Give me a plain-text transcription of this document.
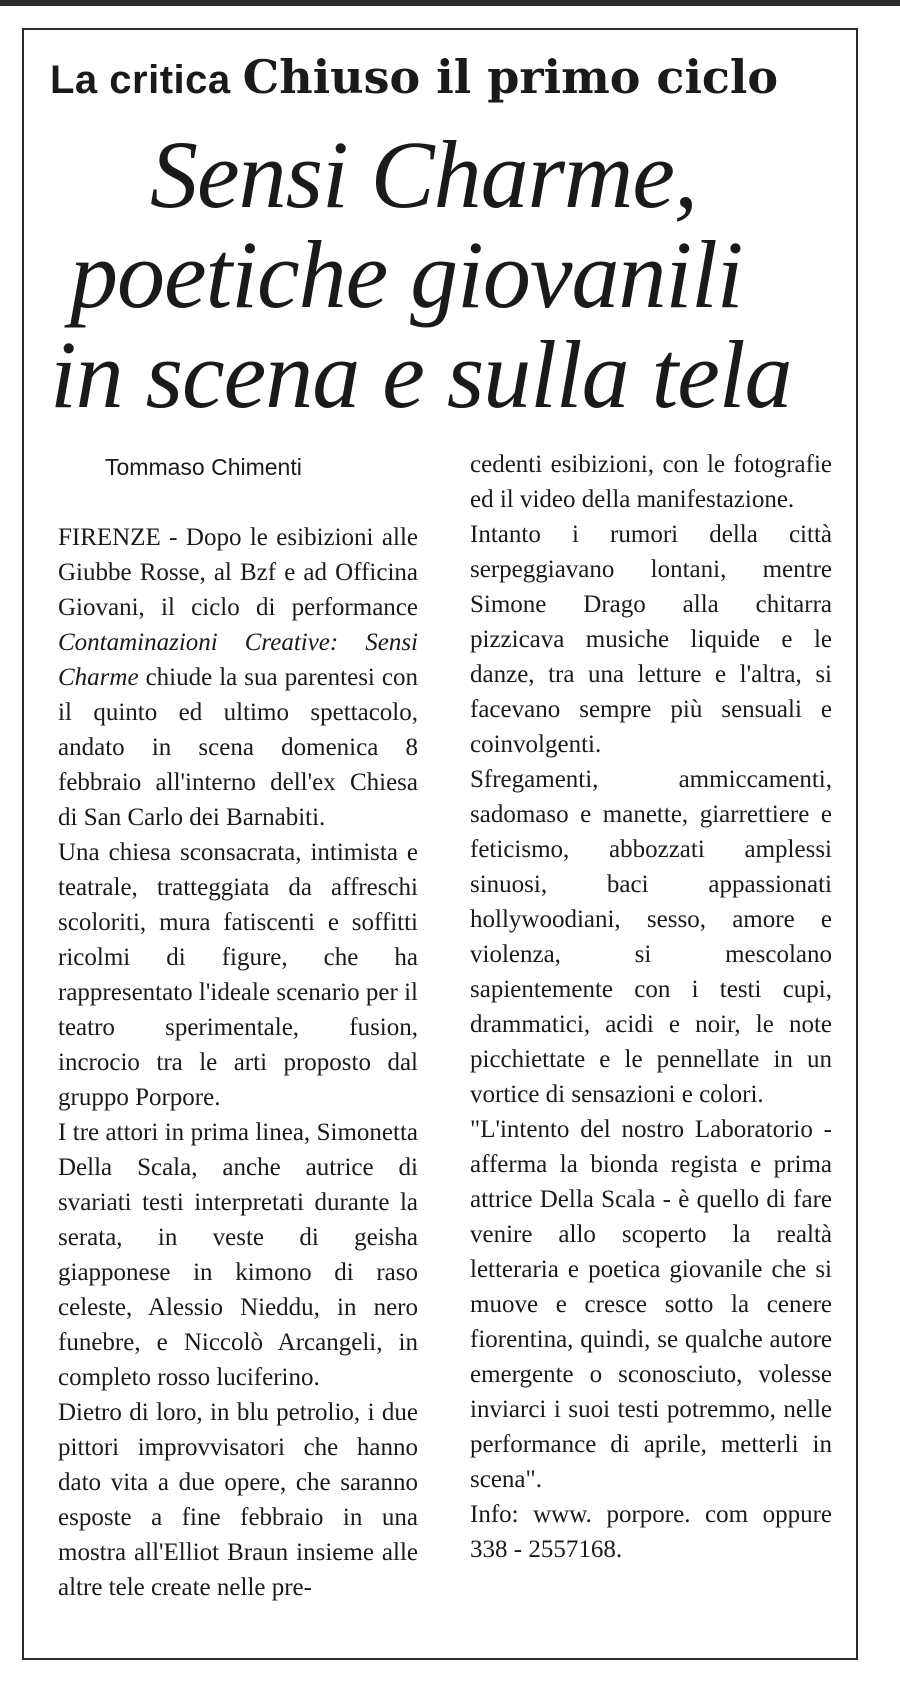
La critica Chiuso il primo ciclo
Sensi Charme,
poetiche giovanili
in scena e sulla tela
Tommaso Chimenti

FIRENZE - Dopo le esibizioni alle Giubbe Rosse, al Bzf e ad Officina Giovani, il ciclo di performance Contaminazioni Creative: Sensi Charme chiude la sua parentesi con il quinto ed ultimo spettacolo, andato in scena domenica 8 febbraio all'interno dell'ex Chiesa di San Carlo dei Barnabiti.

Una chiesa sconsacrata, intimista e teatrale, tratteggiata da affreschi scoloriti, mura fatiscenti e soffitti ricolmi di figure, che ha rappresentato l'ideale scenario per il teatro sperimentale, fusion, incrocio tra le arti proposto dal gruppo Porpore.

I tre attori in prima linea, Simonetta Della Scala, anche autrice di svariati testi interpretati durante la serata, in veste di geisha giapponese in kimono di raso celeste, Alessio Nieddu, in nero funebre, e Niccolò Arcangeli, in completo rosso luciferino.

Dietro di loro, in blu petrolio, i due pittori improvvisatori che hanno dato vita a due opere, che saranno esposte a fine febbraio in una mostra all'Elliot Braun insieme alle altre tele create nelle pre-

cedenti esibizioni, con le fotografie ed il video della manifestazione.

Intanto i rumori della città serpeggiavano lontani, mentre Simone Drago alla chitarra pizzicava musiche liquide e le danze, tra una letture e l'altra, si facevano sempre più sensuali e coinvolgenti.

Sfregamenti, ammiccamenti, sadomaso e manette, giarrettiere e feticismo, abbozzati amplessi sinuosi, baci appassionati hollywoodiani, sesso, amore e violenza, si mescolano sapientemente con i testi cupi, drammatici, acidi e noir, le note picchiettate e le pennellate in un vortice di sensazioni e colori.

"L'intento del nostro Laboratorio - afferma la bionda regista e prima attrice Della Scala - è quello di fare venire allo scoperto la realtà letteraria e poetica giovanile che si muove e cresce sotto la cenere fiorentina, quindi, se qualche autore emergente o sconosciuto, volesse inviarci i suoi testi potremmo, nelle performance di aprile, metterli in scena".

Info: www. porpore. com oppure 338 - 2557168.
